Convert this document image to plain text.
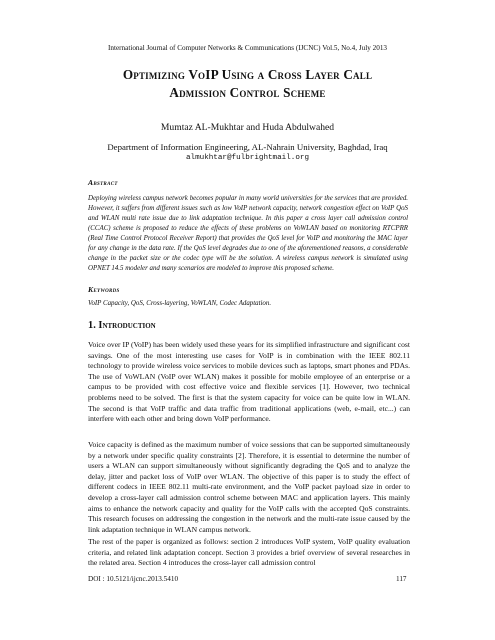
International Journal of Computer Networks & Communications (IJCNC) Vol.5, No.4, July 2013
Optimizing VoIP Using a Cross Layer Call
Admission Control Scheme
Mumtaz AL-Mukhtar and Huda Abdulwahed
Department of Information Engineering, AL-Nahrain University, Baghdad, Iraq
almukhtar@fulbrightmail.org
Abstract
Deploying wireless campus network becomes popular in many world universities for the services that are provided. However, it suffers from different issues such as low VoIP network capacity, network congestion effect on VoIP QoS and WLAN multi rate issue due to link adaptation technique. In this paper a cross layer call admission control (CCAC) scheme is proposed to reduce the effects of these problems on VoWLAN based on monitoring RTCPRR (Real Time Control Protocol Receiver Report) that provides the QoS level for VoIP and monitoring the MAC layer for any change in the data rate. If the QoS level degrades due to one of the aforementioned reasons, a considerable change in the packet size or the codec type will be the solution. A wireless campus network is simulated using OPNET 14.5 modeler and many scenarios are modeled to improve this proposed scheme.
Keywords
VoIP Capacity, QoS, Cross-layering, VoWLAN, Codec Adaptation.
1. Introduction
Voice over IP (VoIP) has been widely used these years for its simplified infrastructure and significant cost savings. One of the most interesting use cases for VoIP is in combination with the IEEE 802.11 technology to provide wireless voice services to mobile devices such as laptops, smart phones and PDAs. The use of VoWLAN (VoIP over WLAN) makes it possible for mobile employee of an enterprise or a campus to be provided with cost effective voice and flexible services [1]. However, two technical problems need to be solved. The first is that the system capacity for voice can be quite low in WLAN. The second is that VoIP traffic and data traffic from traditional applications (web, e-mail, etc...) can interfere with each other and bring down VoIP performance.
Voice capacity is defined as the maximum number of voice sessions that can be supported simultaneously by a network under specific quality constraints [2]. Therefore, it is essential to determine the number of users a WLAN can support simultaneously without significantly degrading the QoS and to analyze the delay, jitter and packet loss of VoIP over WLAN. The objective of this paper is to study the effect of different codecs in IEEE 802.11 multi-rate environment, and the VoIP packet payload size in order to develop a cross-layer call admission control scheme between MAC and application layers. This mainly aims to enhance the network capacity and quality for the VoIP calls with the accepted QoS constraints. This research focuses on addressing the congestion in the network and the multi-rate issue caused by the link adaptation technique in WLAN campus network.
The rest of the paper is organized as follows: section 2 introduces VoIP system, VoIP quality evaluation criteria, and related link adaptation concept. Section 3 provides a brief overview of several researches in the related area. Section 4 introduces the cross-layer call admission control
DOI : 10.5121/ijcnc.2013.5410	117
